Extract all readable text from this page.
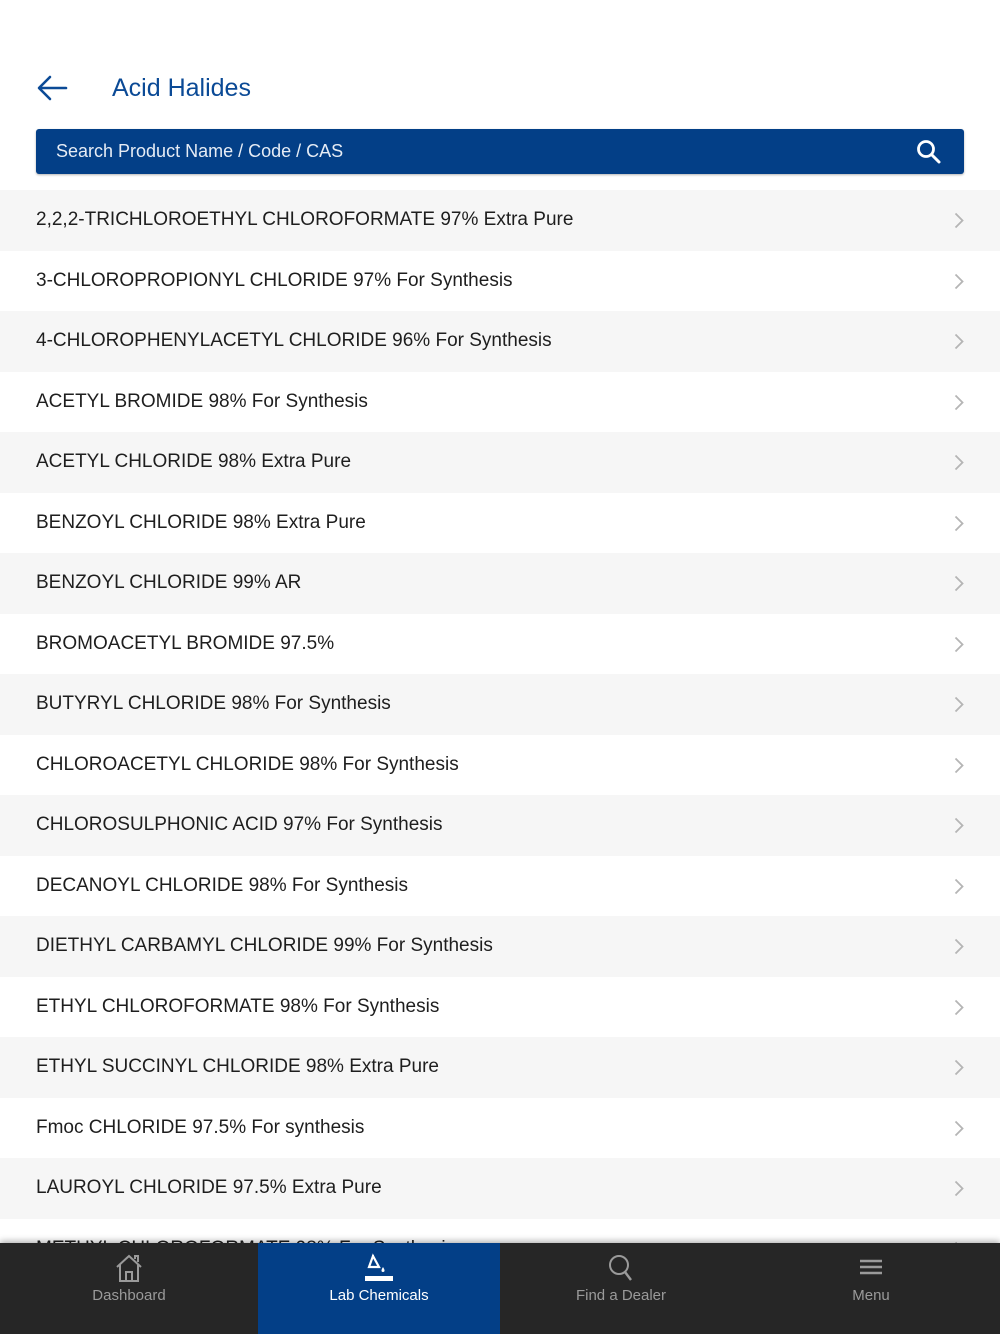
Acid Halides
Search Product Name / Code / CAS
2,2,2-TRICHLOROETHYL CHLOROFORMATE 97% Extra Pure
3-CHLOROPROPIONYL CHLORIDE 97% For Synthesis
4-CHLOROPHENYLACETYL CHLORIDE 96% For Synthesis
ACETYL BROMIDE 98% For Synthesis
ACETYL CHLORIDE 98% Extra Pure
BENZOYL CHLORIDE 98% Extra Pure
BENZOYL CHLORIDE 99% AR
BROMOACETYL BROMIDE 97.5%
BUTYRYL CHLORIDE 98% For Synthesis
CHLOROACETYL CHLORIDE 98% For Synthesis
CHLOROSULPHONIC ACID 97% For Synthesis
DECANOYL CHLORIDE 98% For Synthesis
DIETHYL CARBAMYL CHLORIDE 99% For Synthesis
ETHYL CHLOROFORMATE 98% For Synthesis
ETHYL SUCCINYL CHLORIDE 98% Extra Pure
Fmoc CHLORIDE 97.5% For synthesis
LAUROYL CHLORIDE 97.5% Extra Pure
Dashboard	Lab Chemicals	Find a Dealer	Menu
